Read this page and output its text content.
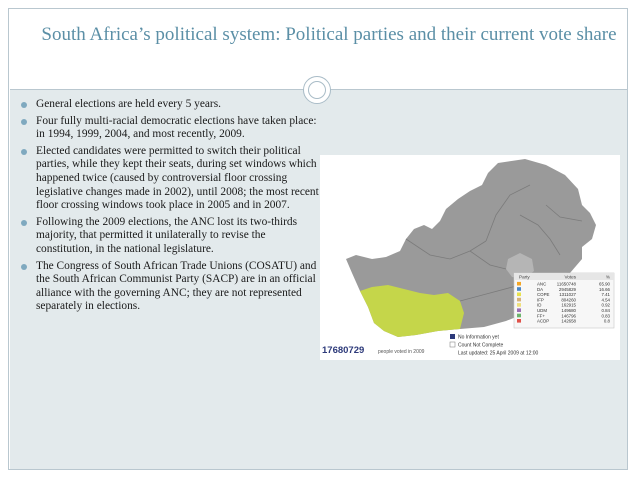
South Africa’s political system: Political parties and their current vote share
General elections are held every 5 years.
Four fully multi-racial democratic elections have taken place: in 1994, 1999, 2004, and most recently, 2009.
Elected candidates were permitted to switch their political parties, while they kept their seats, during set windows which happened twice (caused by controversial floor crossing legislative changes made in 2002), until 2008; the most recent floor crossing windows took place in 2005 and in 2007.
Following the 2009 elections, the ANC lost its two-thirds majority, that permitted it unilaterally to revise the constitution, in the national legislature.
The Congress of South African Trade Unions (COSATU) and the South African Communist Party (SACP) are in an official alliance with the governing ANC; they are not represented separately in elections.
Party	Votes	%
ANC 11650748	65.90
DA	2945829	16.66
COPE 1311027	7.41
IFP	804260	4.54
ID	162915	0.92
UDM	149680	0.84
FF+	146796	0.83
ACDP	142658	0.8
No Information yet
Count Not Complete
Last updated: 25 April 2009 at 12:00
17680729	people voted in 2009
